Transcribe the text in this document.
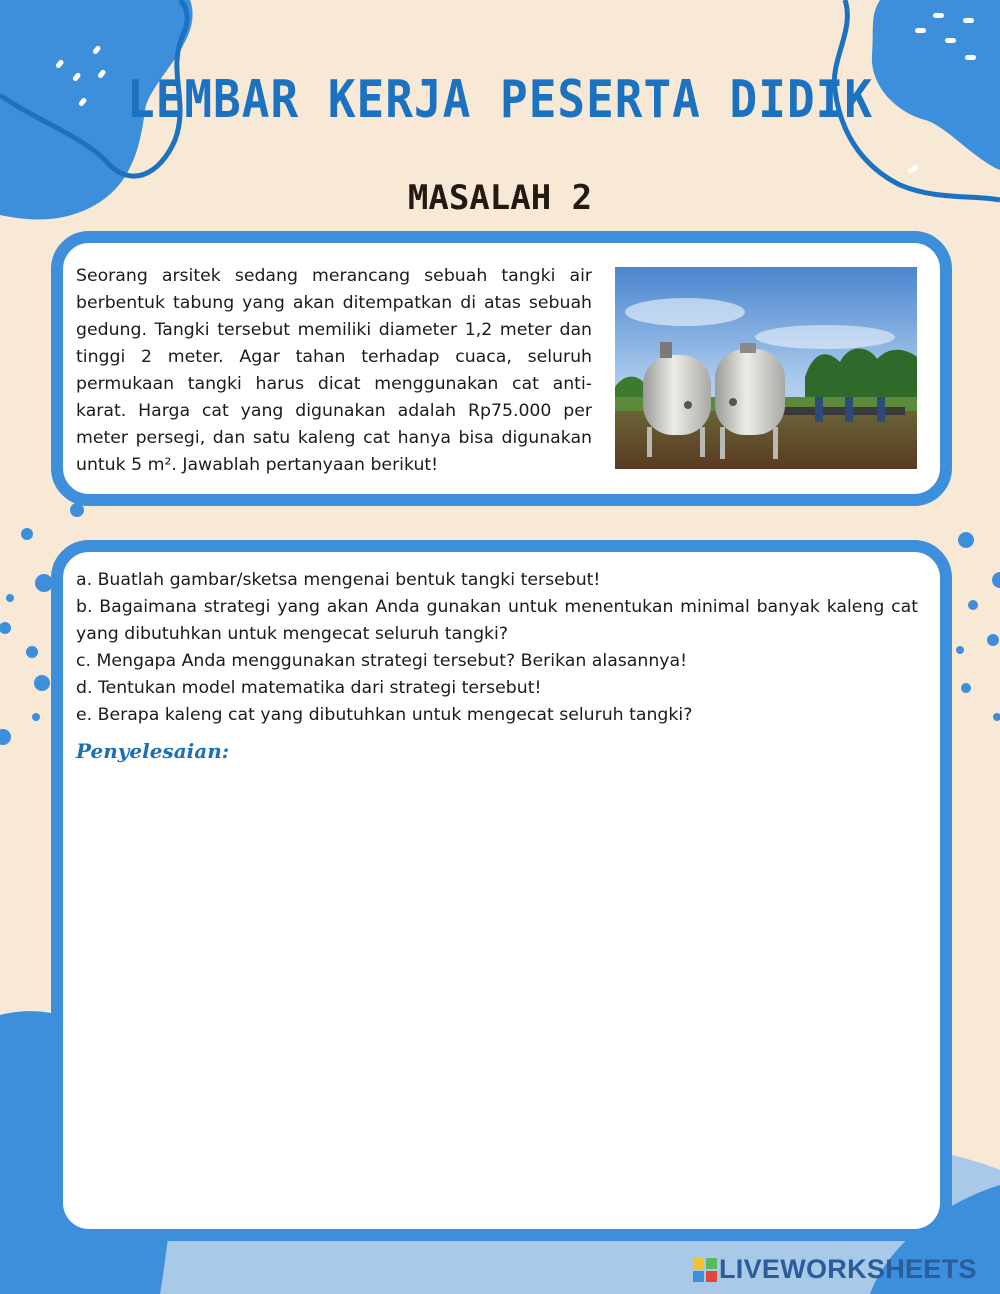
LEMBAR KERJA PESERTA DIDIK
MASALAH 2

Seorang arsitek sedang merancang sebuah tangki air berbentuk tabung yang akan ditempatkan di atas sebuah gedung. Tangki tersebut memiliki diameter 1,2 meter dan tinggi 2 meter. Agar tahan terhadap cuaca, seluruh permukaan tangki harus dicat menggunakan cat anti-karat. Harga cat yang digunakan adalah Rp75.000 per meter persegi, dan satu kaleng cat hanya bisa digunakan untuk 5 m². Jawablah pertanyaan berikut!

a. Buatlah gambar/sketsa mengenai bentuk tangki tersebut!

b. Bagaimana strategi yang akan Anda gunakan untuk menentukan minimal banyak kaleng cat yang dibutuhkan untuk mengecat seluruh tangki?

c. Mengapa Anda menggunakan strategi tersebut? Berikan alasannya!

d. Tentukan model matematika dari strategi tersebut!

e. Berapa kaleng cat yang dibutuhkan untuk mengecat seluruh tangki?

Penyelesaian:

LIVEWORKSHEETS
